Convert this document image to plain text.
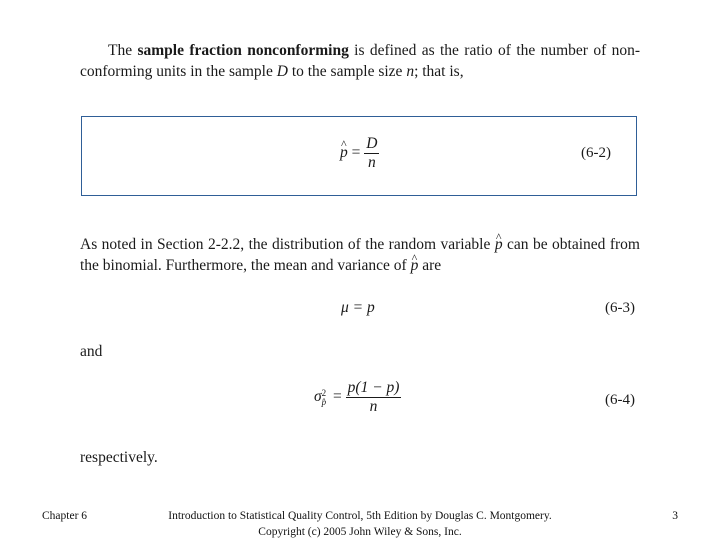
The sample fraction nonconforming is defined as the ratio of the number of non-conforming units in the sample D to the sample size n; that is,

^ $p = \frac{D}{n}$	(6-2)

As noted in Section 2-2.2, the distribution of the random variable ^ p can be obtained from the binomial. Furthermore, the mean and variance of ^ p are

μ = p	(6-3)

and

σ 2
p̂ = $\frac{p(1 - p)}{n}$	(6-4)

respectively.

Chapter 6	Introduction to Statistical Quality Control, 5th Edition by Douglas C. Montgomery.
Copyright (c) 2005 John Wiley & Sons, Inc.
3
